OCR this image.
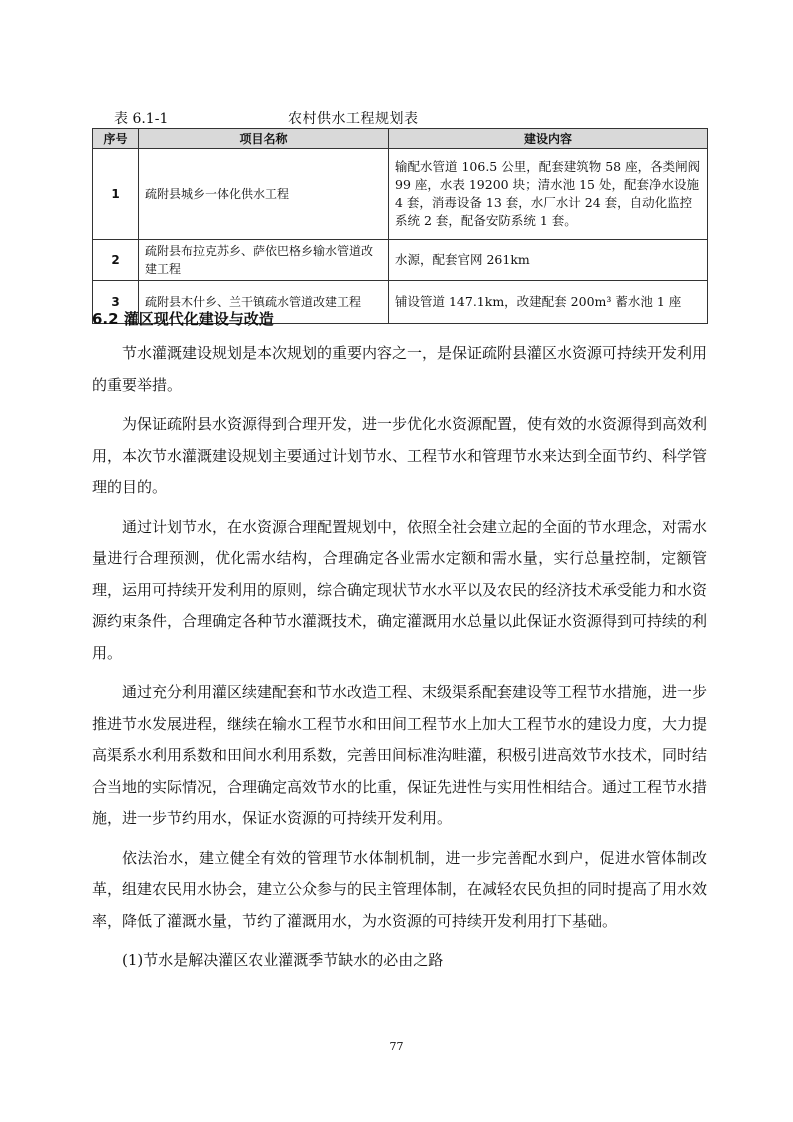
表 6.1-1	农村供水工程规划表
序号	项目名称	建设内容
1	疏附县城乡一体化供水工程	输配水管道 106.5 公里，配套建筑物 58 座，各类闸阀 99 座，水表 19200 块；清水池 15 处，配套净水设施 4 套，消毒设备 13 套，水厂水计 24 套，自动化监控系统 2 套，配备安防系统 1 套。
2	疏附县布拉克苏乡、萨依巴格乡输水管道改建工程	水源，配套官网 261km
3	疏附县木什乡、兰干镇疏水管道改建工程	铺设管道 147.1km，改建配套 200m³ 蓄水池 1 座
6.2 灌区现代化建设与改造

节水灌溉建设规划是本次规划的重要内容之一，是保证疏附县灌区水资源可持续开发利用的重要举措。

为保证疏附县水资源得到合理开发，进一步优化水资源配置，使有效的水资源得到高效利用，本次节水灌溉建设规划主要通过计划节水、工程节水和管理节水来达到全面节约、科学管理的目的。

通过计划节水，在水资源合理配置规划中，依照全社会建立起的全面的节水理念，对需水量进行合理预测，优化需水结构，合理确定各业需水定额和需水量，实行总量控制，定额管理，运用可持续开发利用的原则，综合确定现状节水水平以及农民的经济技术承受能力和水资源约束条件，合理确定各种节水灌溉技术，确定灌溉用水总量以此保证水资源得到可持续的利用。

通过充分利用灌区续建配套和节水改造工程、末级渠系配套建设等工程节水措施，进一步推进节水发展进程，继续在输水工程节水和田间工程节水上加大工程节水的建设力度，大力提高渠系水利用系数和田间水利用系数，完善田间标准沟畦灌，积极引进高效节水技术，同时结合当地的实际情况，合理确定高效节水的比重，保证先进性与实用性相结合。通过工程节水措施，进一步节约用水，保证水资源的可持续开发利用。

依法治水，建立健全有效的管理节水体制机制，进一步完善配水到户，促进水管体制改革，组建农民用水协会，建立公众参与的民主管理体制，在减轻农民负担的同时提高了用水效率，降低了灌溉水量，节约了灌溉用水，为水资源的可持续开发利用打下基础。

(1)节水是解决灌区农业灌溉季节缺水的必由之路

77
